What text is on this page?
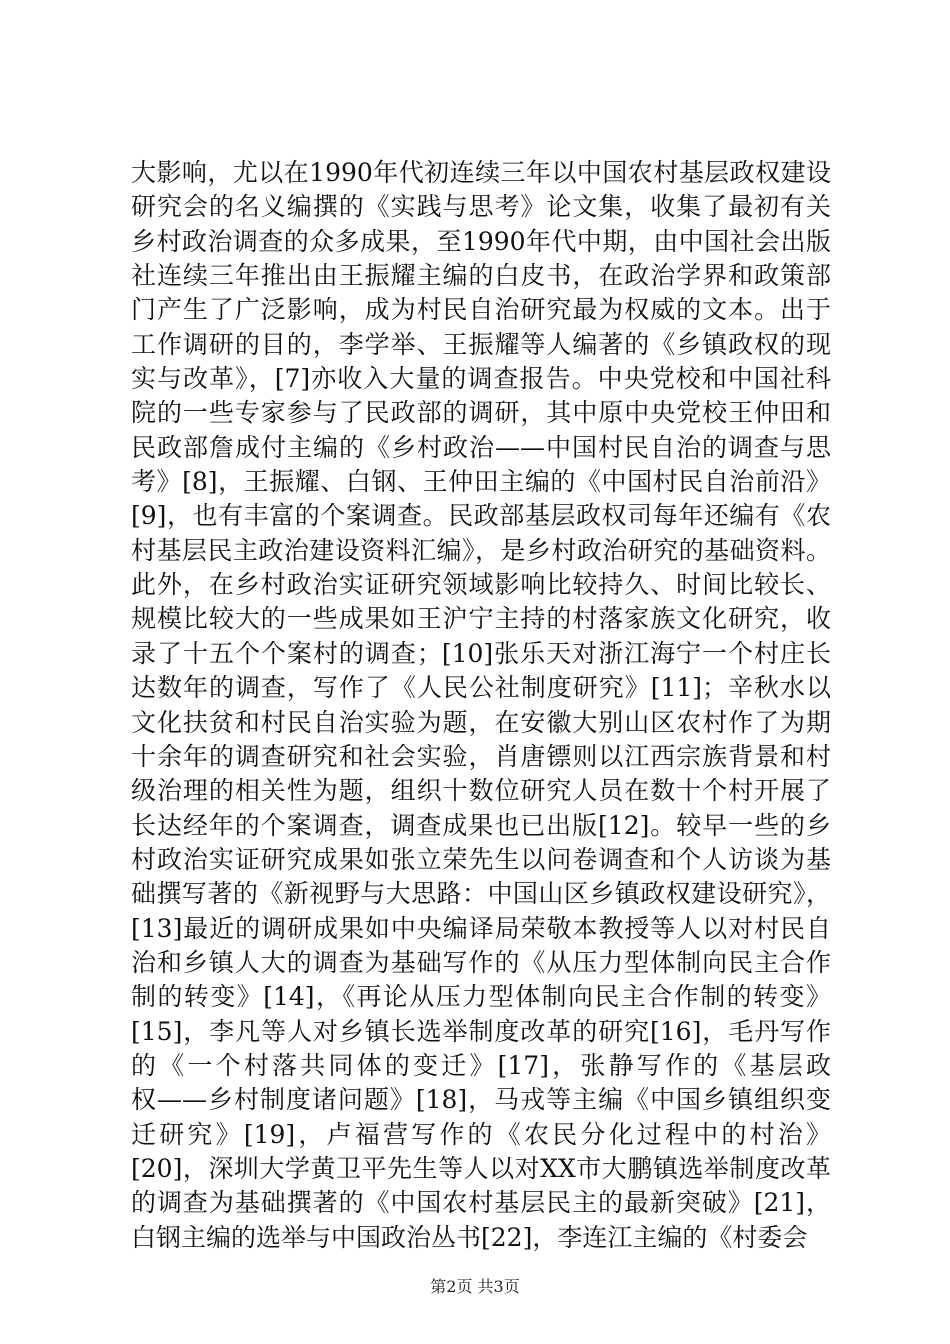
大影响，尤以在1990年代初连续三年以中国农村基层政权建设
研究会的名义编撰的《实践与思考》论文集，收集了最初有关
乡村政治调查的众多成果，至1990年代中期，由中国社会出版
社连续三年推出由王振耀主编的白皮书，在政治学界和政策部
门产生了广泛影响，成为村民自治研究最为权威的文本。出于
工作调研的目的，李学举、王振耀等人编著的《乡镇政权的现
实与改革》，[7]亦收入大量的调查报告。中央党校和中国社科
院的一些专家参与了民政部的调研，其中原中央党校王仲田和
民政部詹成付主编的《乡村政治——中国村民自治的调查与思
考》[8]，王振耀、白钢、王仲田主编的《中国村民自治前沿》
[9]，也有丰富的个案调查。民政部基层政权司每年还编有《农
村基层民主政治建设资料汇编》，是乡村政治研究的基础资料。
此外，在乡村政治实证研究领域影响比较持久、时间比较长、
规模比较大的一些成果如王沪宁主持的村落家族文化研究，收
录了十五个个案村的调查；[10]张乐天对浙江海宁一个村庄长
达数年的调查，写作了《人民公社制度研究》[11]；辛秋水以
文化扶贫和村民自治实验为题，在安徽大别山区农村作了为期
十余年的调查研究和社会实验，肖唐镖则以江西宗族背景和村
级治理的相关性为题，组织十数位研究人员在数十个村开展了
长达经年的个案调查，调查成果也已出版[12]。较早一些的乡
村政治实证研究成果如张立荣先生以问卷调查和个人访谈为基
础撰写著的《新视野与大思路：中国山区乡镇政权建设研究》，
[13]最近的调研成果如中央编译局荣敬本教授等人以对村民自
治和乡镇人大的调查为基础写作的《从压力型体制向民主合作
制的转变》[14]，《再论从压力型体制向民主合作制的转变》
[15]，李凡等人对乡镇长选举制度改革的研究[16]，毛丹写作
的《一个村落共同体的变迁》[17]，张静写作的《基层政
权——乡村制度诸问题》[18]，马戎等主编《中国乡镇组织变
迁研究》[19]，卢福营写作的《农民分化过程中的村治》
[20]，深圳大学黄卫平先生等人以对XX市大鹏镇选举制度改革
的调查为基础撰著的《中国农村基层民主的最新突破》[21]，
白钢主编的选举与中国政治丛书[22]，李连江主编的《村委会
第2页 共3页
